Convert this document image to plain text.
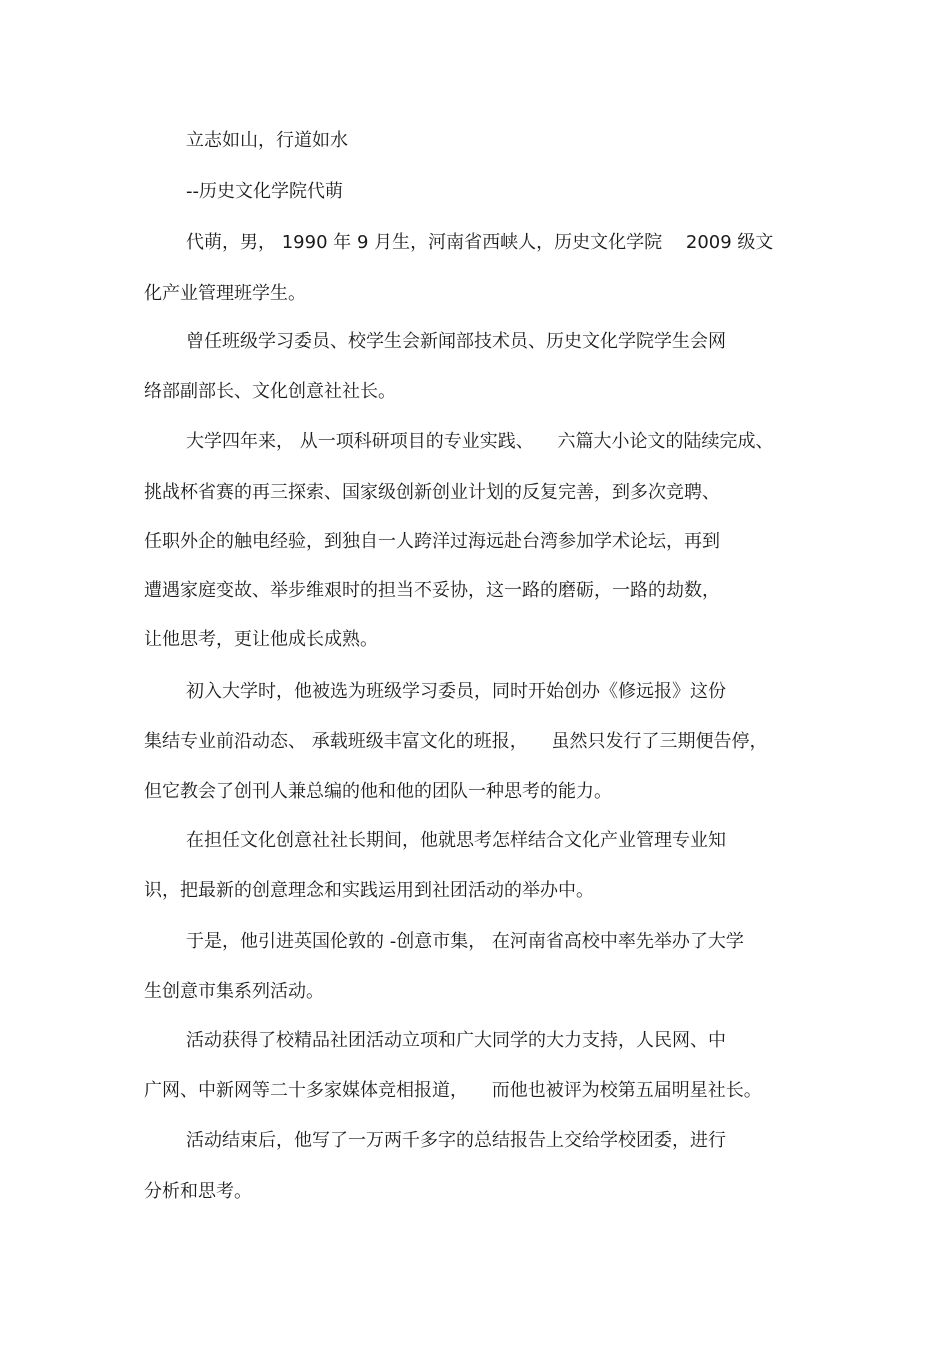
立志如山，行道如水
--历史文化学院代萌
代萌，男， 1990 年 9 月生，河南省西峡人，历史文化学院 　2009 级文
化产业管理班学生。
曾任班级学习委员、校学生会新闻部技术员、历史文化学院学生会网
络部副部长、文化创意社社长。
大学四年来， 从一项科研项目的专业实践、 　六篇大小论文的陆续完成、
挑战杯省赛的再三探索、国家级创新创业计划的反复完善，到多次竞聘、
任职外企的触电经验，到独自一人跨洋过海远赴台湾参加学术论坛，再到
遭遇家庭变故、举步维艰时的担当不妥协，这一路的磨砺，一路的劫数，
让他思考，更让他成长成熟。
初入大学时，他被选为班级学习委员，同时开始创办《修远报》这份
集结专业前沿动态、 承载班级丰富文化的班报， 　虽然只发行了三期便告停，
但它教会了创刊人兼总编的他和他的团队一种思考的能力。
在担任文化创意社社长期间，他就思考怎样结合文化产业管理专业知
识，把最新的创意理念和实践运用到社团活动的举办中。
于是，他引进英国伦敦的 -创意市集， 在河南省高校中率先举办了大学
生创意市集系列活动。
活动获得了校精品社团活动立项和广大同学的大力支持，人民网、中
广网、中新网等二十多家媒体竞相报道， 　而他也被评为校第五届明星社长。
活动结束后，他写了一万两千多字的总结报告上交给学校团委，进行
分析和思考。
